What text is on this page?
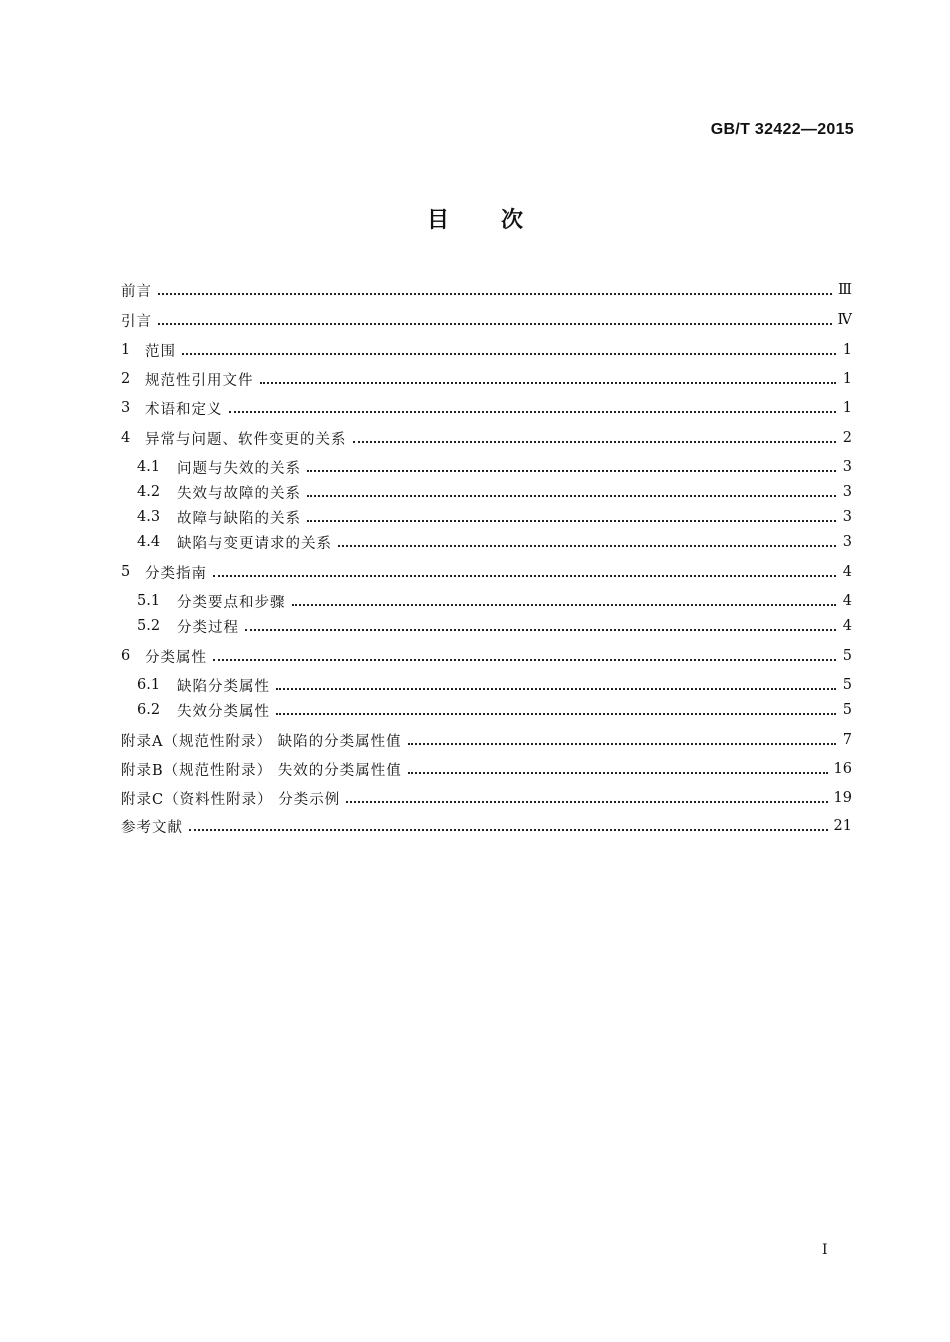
GB/T 32422—2015
目次
前言	Ⅲ
引言	Ⅳ
1	范围	1
2	规范性引用文件	1
3	术语和定义	1
4	异常与问题、软件变更的关系	2
4.1	问题与失效的关系	3
4.2	失效与故障的关系	3
4.3	故障与缺陷的关系	3
4.4	缺陷与变更请求的关系	3
5	分类指南	4
5.1	分类要点和步骤	4
5.2	分类过程	4
6	分类属性	5
6.1	缺陷分类属性	5
6.2	失效分类属性	5
附录A（规范性附录） 缺陷的分类属性值	7
附录B（规范性附录） 失效的分类属性值	16
附录C（资料性附录） 分类示例	19
参考文献	21
I
